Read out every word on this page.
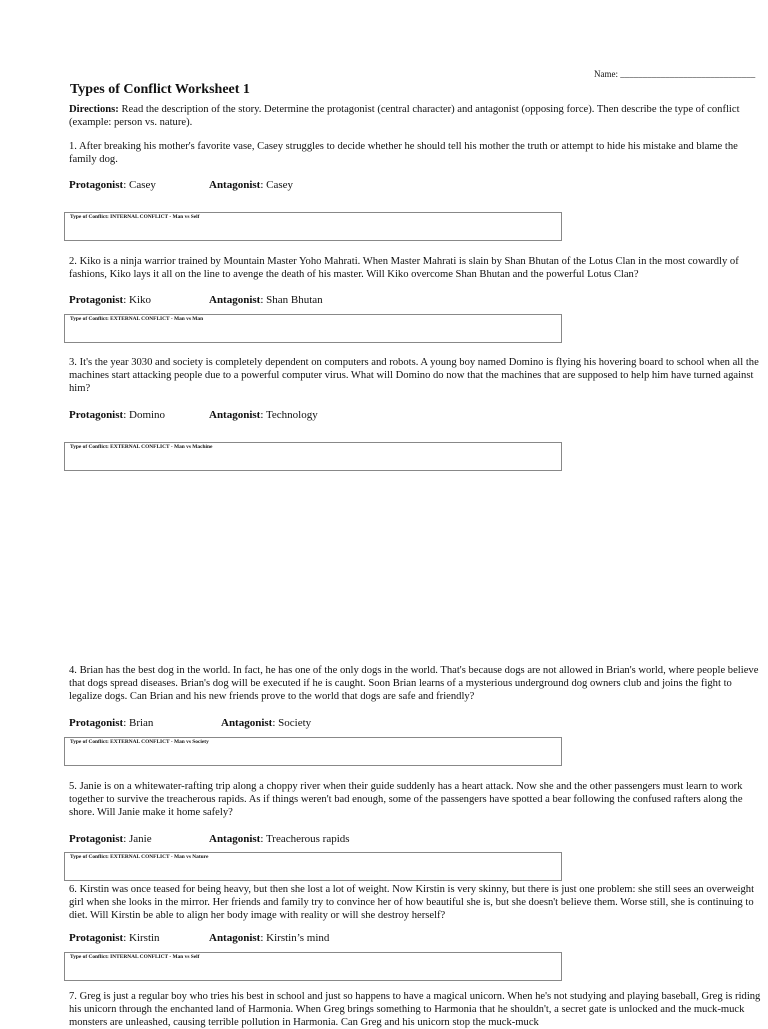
Name: ______________________________
Types of Conflict Worksheet 1
Directions: Read the description of the story. Determine the protagonist (central character) and antagonist (opposing force). Then describe the type of conflict (example: person vs. nature).
1. After breaking his mother's favorite vase, Casey struggles to decide whether he should tell his mother the truth or attempt to hide his mistake and blame the family dog.
Protagonist: Casey	Antagonist: Casey
Type of Conflict: INTERNAL CONFLICT - Man vs Self
2. Kiko is a ninja warrior trained by Mountain Master Yoho Mahrati. When Master Mahrati is slain by Shan Bhutan of the Lotus Clan in the most cowardly of fashions, Kiko lays it all on the line to avenge the death of his master. Will Kiko overcome Shan Bhutan and the powerful Lotus Clan?
Protagonist: Kiko	Antagonist: Shan Bhutan
Type of Conflict: EXTERNAL CONFLICT - Man vs Man
3. It's the year 3030 and society is completely dependent on computers and robots. A young boy named Domino is flying his hovering board to school when all the machines start attacking people due to a powerful computer virus. What will Domino do now that the machines that are supposed to help him have turned against him?
Protagonist: Domino	Antagonist: Technology
Type of Conflict: EXTERNAL CONFLICT - Man vs Machine
4. Brian has the best dog in the world. In fact, he has one of the only dogs in the world. That's because dogs are not allowed in Brian's world, where people believe that dogs spread diseases. Brian's dog will be executed if he is caught. Soon Brian learns of a mysterious underground dog owners club and joins the fight to legalize dogs. Can Brian and his new friends prove to the world that dogs are safe and friendly?
Protagonist: Brian	Antagonist: Society
Type of Conflict: EXTERNAL CONFLICT - Man vs Society
5. Janie is on a whitewater-rafting trip along a choppy river when their guide suddenly has a heart attack. Now she and the other passengers must learn to work together to survive the treacherous rapids. As if things weren't bad enough, some of the passengers have spotted a bear following the confused rafters along the shore. Will Janie make it home safely?
Protagonist: Janie	Antagonist: Treacherous rapids
Type of Conflict: EXTERNAL CONFLICT - Man vs Nature
6. Kirstin was once teased for being heavy, but then she lost a lot of weight. Now Kirstin is very skinny, but there is just one problem: she still sees an overweight girl when she looks in the mirror. Her friends and family try to convince her of how beautiful she is, but she doesn't believe them. Worse still, she is continuing to diet. Will Kirstin be able to align her body image with reality or will she destroy herself?
Protagonist: Kirstin	Antagonist: Kirstin’s mind
Type of Conflict: INTERNAL CONFLICT - Man vs Self
7. Greg is just a regular boy who tries his best in school and just so happens to have a magical unicorn. When he's not studying and playing baseball, Greg is riding his unicorn through the enchanted land of Harmonia. When Greg brings something to Harmonia that he shouldn't, a secret gate is unlocked and the muck-muck monsters are unleashed, causing terrible pollution in Harmonia. Can Greg and his unicorn stop the muck-muck
